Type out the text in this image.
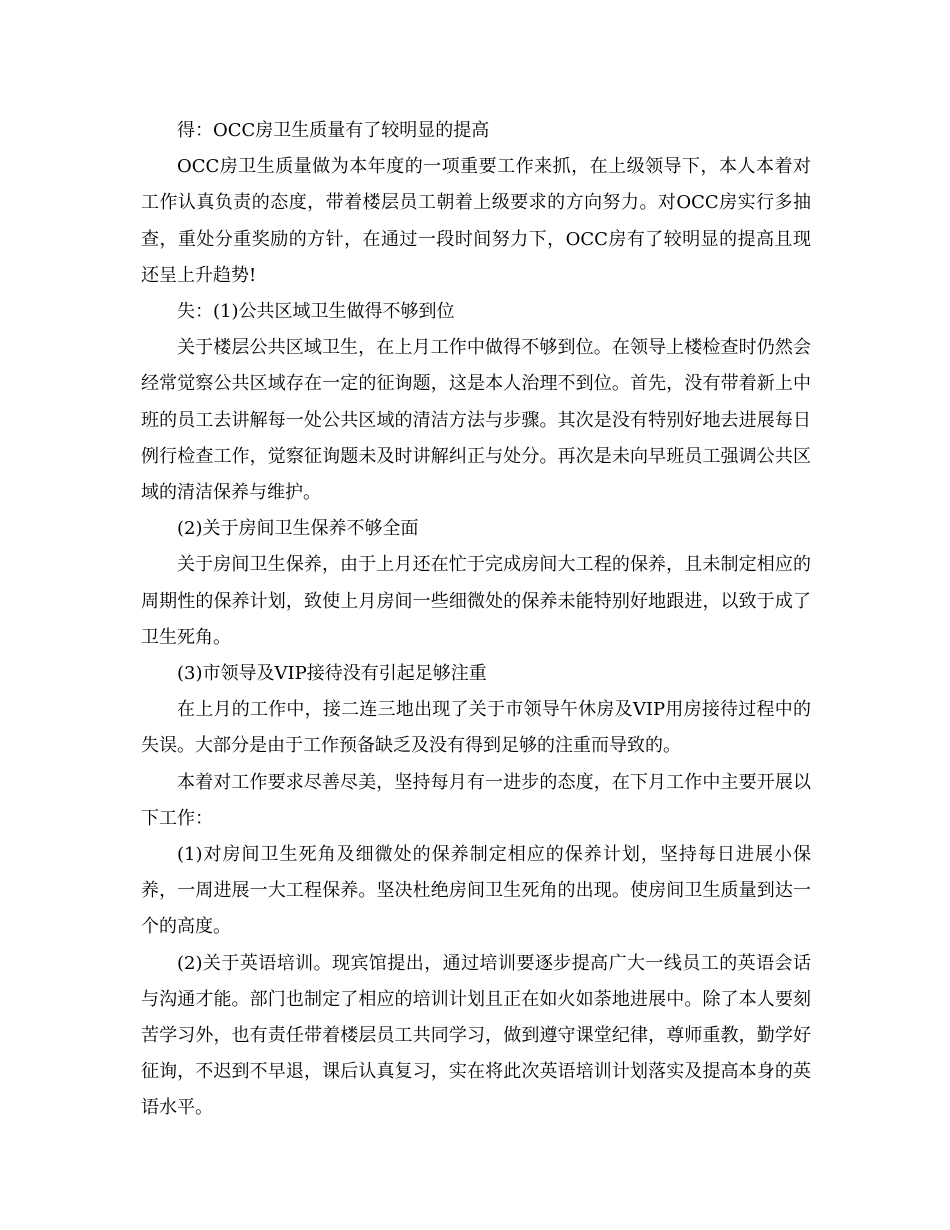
得：OCC房卫生质量有了较明显的提高

OCC房卫生质量做为本年度的一项重要工作来抓，在上级领导下，本人本着对工作认真负责的态度，带着楼层员工朝着上级要求的方向努力。对OCC房实行多抽查，重处分重奖励的方针，在通过一段时间努力下，OCC房有了较明显的提高且现还呈上升趋势!

失：(1)公共区域卫生做得不够到位

关于楼层公共区域卫生，在上月工作中做得不够到位。在领导上楼检查时仍然会经常觉察公共区域存在一定的征询题，这是本人治理不到位。首先，没有带着新上中班的员工去讲解每一处公共区域的清洁方法与步骤。其次是没有特别好地去进展每日例行检查工作，觉察征询题未及时讲解纠正与处分。再次是未向早班员工强调公共区域的清洁保养与维护。

(2)关于房间卫生保养不够全面

关于房间卫生保养，由于上月还在忙于完成房间大工程的保养，且未制定相应的周期性的保养计划，致使上月房间一些细微处的保养未能特别好地跟进，以致于成了卫生死角。

(3)市领导及VIP接待没有引起足够注重

在上月的工作中，接二连三地出现了关于市领导午休房及VIP用房接待过程中的失误。大部分是由于工作预备缺乏及没有得到足够的注重而导致的。

本着对工作要求尽善尽美，坚持每月有一进步的态度，在下月工作中主要开展以下工作：

(1)对房间卫生死角及细微处的保养制定相应的保养计划，坚持每日进展小保养，一周进展一大工程保养。坚决杜绝房间卫生死角的出现。使房间卫生质量到达一个的高度。

(2)关于英语培训。现宾馆提出，通过培训要逐步提高广大一线员工的英语会话与沟通才能。部门也制定了相应的培训计划且正在如火如荼地进展中。除了本人要刻苦学习外，也有责任带着楼层员工共同学习，做到遵守课堂纪律，尊师重教，勤学好征询，不迟到不早退，课后认真复习，实在将此次英语培训计划落实及提高本身的英语水平。
